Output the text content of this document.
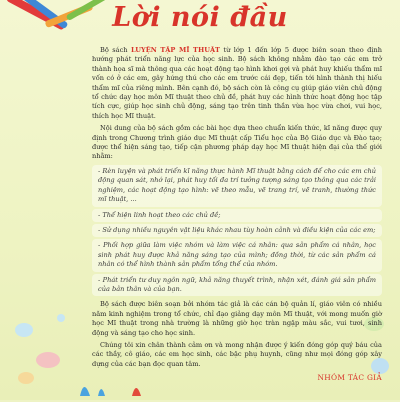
Lời nói đầu

Bộ sách LUYỆN TẬP MĨ THUẬT từ lớp 1 đến lớp 5 được biên soạn theo định hướng phát triển năng lực của học sinh. Bộ sách không nhằm đào tạo các em trở thành họa sĩ mà thông qua các hoạt động tạo hình khơi gợi và phát huy khiếu thẩm mĩ vốn có ở các em, gây hứng thú cho các em trước cái đẹp, tiến tới hình thành thị hiếu thẩm mĩ của riêng mình. Bên cạnh đó, bộ sách còn là công cụ giúp giáo viên chủ động tổ chức dạy học môn Mĩ thuật theo chủ đề, phát huy các hình thức hoạt động học tập tích cực, giúp học sinh chủ động, sáng tạo trên tinh thần vừa học vừa chơi, vui học, thích học Mĩ thuật.

Nội dung của bộ sách gồm các bài học dựa theo chuẩn kiến thức, kĩ năng được quy định trong Chương trình giáo dục Mĩ thuật cấp Tiểu học của Bộ Giáo dục và Đào tạo; được thể hiện sáng tạo, tiếp cận phương pháp dạy học Mĩ thuật hiện đại của thế giới nhằm:

- Rèn luyện và phát triển kĩ năng thực hành Mĩ thuật bằng cách để cho các em chủ động quan sát, nhớ lại, phát huy tối đa trí tưởng tượng sáng tạo thông qua các trải nghiệm, các hoạt động tạo hình: vẽ theo mẫu, vẽ trang trí, vẽ tranh, thường thức mĩ thuật, ...
- Thể hiện linh hoạt theo các chủ đề;
- Sử dụng nhiều nguyên vật liệu khác nhau tùy hoàn cảnh và điều kiện của các em;
- Phối hợp giữa làm việc nhóm và làm việc cá nhân: qua sản phẩm cá nhân, học sinh phát huy được khả năng sáng tạo của mình; đồng thời, từ các sản phẩm cá nhân có thể hình thành sản phẩm tổng thể của nhóm.
- Phát triển tư duy ngôn ngữ, khả năng thuyết trình, nhận xét, đánh giá sản phẩm của bản thân và của bạn.

Bộ sách được biên soạn bởi nhóm tác giả là các cán bộ quản lí, giáo viên có nhiều năm kinh nghiệm trong tổ chức, chỉ đạo giảng dạy môn Mĩ thuật, với mong muốn giờ học Mĩ thuật trong nhà trường là những giờ học tràn ngập màu sắc, vui tươi, sinh động và sáng tạo cho học sinh.

Chúng tôi xin chân thành cảm ơn và mong nhận được ý kiến đóng góp quý báu của các thầy, cô giáo, các em học sinh, các bậc phụ huynh, cũng như mọi đóng góp xây dựng của các bạn đọc quan tâm.

NHÓM TÁC GIẢ
